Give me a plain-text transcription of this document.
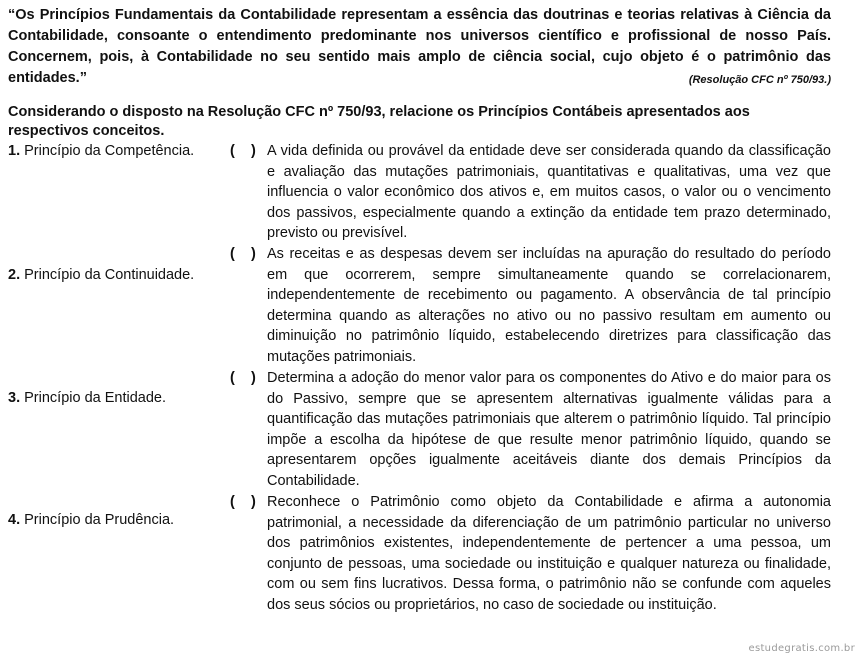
“Os Princípios Fundamentais da Contabilidade representam a essência das doutrinas e teorias relativas à Ciência da Contabilidade, consoante o entendimento predominante nos universos científico e profissional de nosso País. Concernem, pois, à Contabilidade no seu sentido mais amplo de ciência social, cujo objeto é o patrimônio das entidades.”	(Resolução CFC nº 750/93.)
Considerando o disposto na Resolução CFC nº 750/93, relacione os Princípios Contábeis apresentados aos respectivos conceitos.
1. Princípio da Competência.
2. Princípio da Continuidade.
3. Princípio da Entidade.
4. Princípio da Prudência.
(    ) A vida definida ou provável da entidade deve ser considerada quando da classificação e avaliação das mutações patrimoniais, quantitativas e qualitativas, uma vez que influencia o valor econômico dos ativos e, em muitos casos, o valor ou o vencimento dos passivos, especialmente quando a extinção da entidade tem prazo determinado, previsto ou previsível.
(    ) As receitas e as despesas devem ser incluídas na apuração do resultado do período em que ocorrerem, sempre simultaneamente quando se correlacionarem, independentemente de recebimento ou pagamento. A observância de tal princípio determina quando as alterações no ativo ou no passivo resultam em aumento ou diminuição no patrimônio líquido, estabelecendo diretrizes para classificação das mutações patrimoniais.
(    ) Determina a adoção do menor valor para os componentes do Ativo e do maior para os do Passivo, sempre que se apresentem alternativas igualmente válidas para a quantificação das mutações patrimoniais que alterem o patrimônio líquido. Tal princípio impõe a escolha da hipótese de que resulte menor patrimônio líquido, quando se apresentarem opções igualmente aceitáveis diante dos demais Princípios da Contabilidade.
(    ) Reconhece o Patrimônio como objeto da Contabilidade e afirma a autonomia patrimonial, a necessidade da diferenciação de um patrimônio particular no universo dos patrimônios existentes, independentemente de pertencer a uma pessoa, um conjunto de pessoas, uma sociedade ou instituição e qualquer natureza ou finalidade, com ou sem fins lucrativos. Dessa forma, o patrimônio não se confunde com aqueles dos seus sócios ou proprietários, no caso de sociedade ou instituição.
estudegratis.com.br
